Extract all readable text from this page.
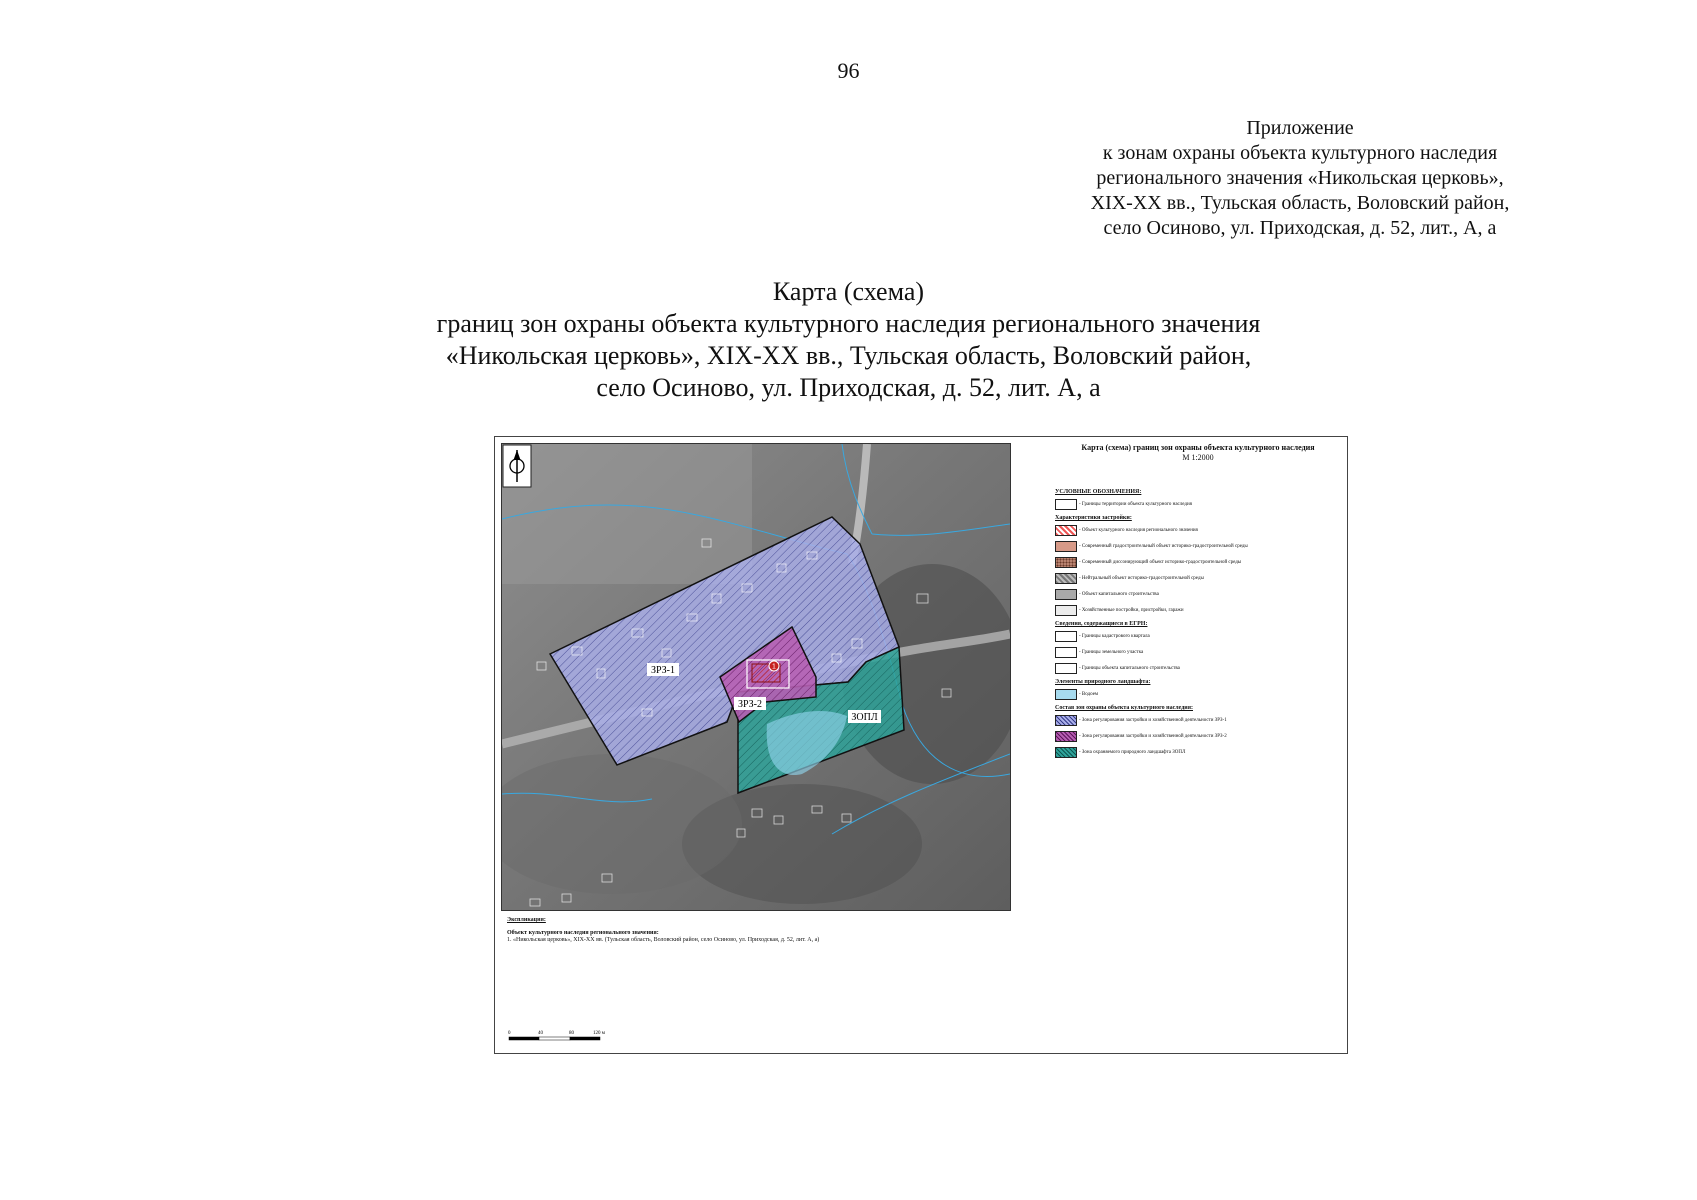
96
Приложение
к зонам охраны объекта культурного наследия
регионального значения «Никольская церковь»,
XIX-XX вв., Тульская область, Воловский район,
село Осиново, ул. Приходская, д. 52, лит., А, а
Карта (схема)
границ зон охраны объекта культурного наследия регионального значения
«Никольская церковь», XIX-XX вв., Тульская область, Воловский район,
село Осиново, ул. Приходская, д. 52, лит. А, а
1
ЗРЗ-1
ЗРЗ-2
ЗОПЛ
Карта (схема) границ зон охраны объекта культурного наследия
М 1:2000
УСЛОВНЫЕ ОБОЗНАЧЕНИЯ:
- Границы территории объекта культурного наследия
Характеристики застройки:
- Объект культурного наследия регионального значения
- Современный градостроительный объект историко-градостроительной среды
- Современный диссонирующий объект историко-градостроительной среды
- Нейтральный объект историко-градостроительной среды
- Объект капитального строительства
- Хозяйственные постройки, пристройки, гаражи
Сведения, содержащиеся в ЕГРН:
- Границы кадастрового квартала
- Границы земельного участка
- Границы объекта капитального строительства
Элементы природного ландшафта:
- Водоем
Состав зон охраны объекта культурного наследия:
- Зона регулирования застройки и хозяйственной деятельности ЗРЗ-1
- Зона регулирования застройки и хозяйственной деятельности ЗРЗ-2
- Зона охраняемого природного ландшафта ЗОПЛ
Экспликация:
Объект культурного наследия регионального значения:
1. «Никольская церковь», XIX-XX вв. (Тульская область, Воловский район, село Осиново, ул. Приходская, д. 52, лит. А, а)
0	40	80	120 м
